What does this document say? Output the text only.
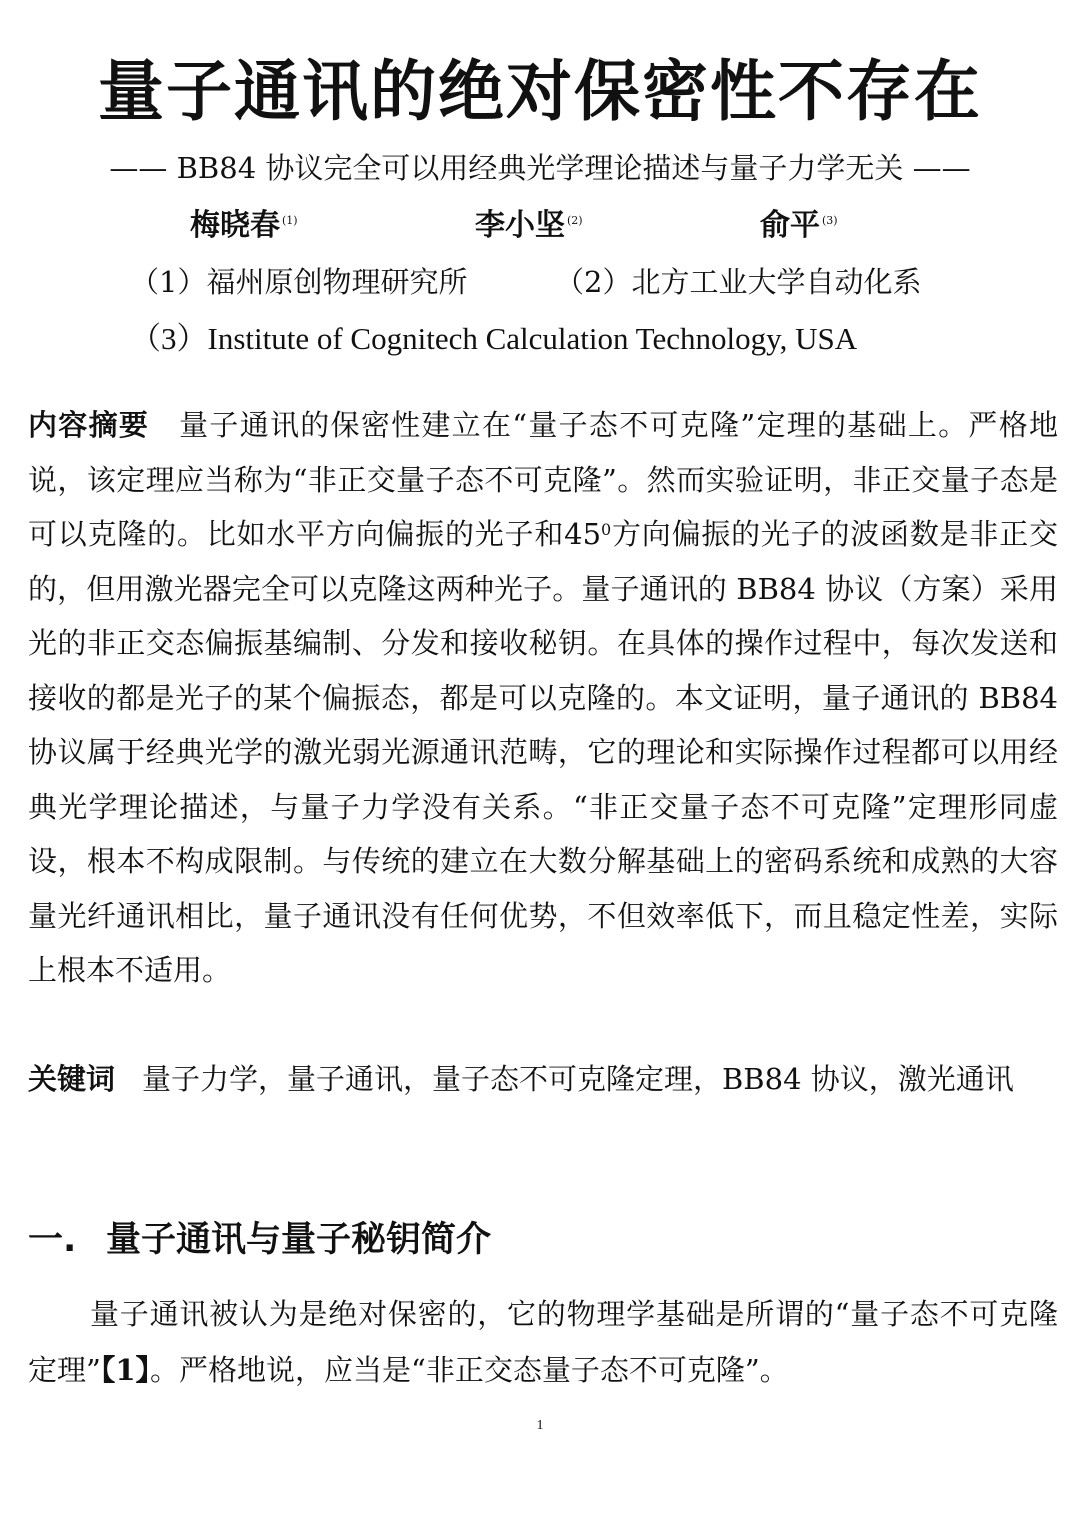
量子通讯的绝对保密性不存在
—— BB84 协议完全可以用经典光学理论描述与量子力学无关 ——
梅晓春 $^{(1)}$	李小坚 $^{(2)}$	俞平 $^{(3)}$
（1）福州原创物理研究所	（2）北方工业大学自动化系
（3）Institute of Cognitech Calculation Technology, USA
内容摘要 量子通讯的保密性建立在“量子态不可克隆”定理的基础上。严格地说，该定理应当称为“非正交量子态不可克隆”。然而实验证明，非正交量子态是可以克隆的。比如水平方向偏振的光子和$45^0$方向偏振的光子的波函数是非正交的，但用激光器完全可以克隆这两种光子。量子通讯的 BB84 协议（方案）采用光的非正交态偏振基编制、分发和接收秘钥。在具体的操作过程中，每次发送和接收的都是光子的某个偏振态，都是可以克隆的。本文证明，量子通讯的 BB84 协议属于经典光学的激光弱光源通讯范畴，它的理论和实际操作过程都可以用经典光学理论描述，与量子力学没有关系。“非正交量子态不可克隆”定理形同虚设，根本不构成限制。与传统的建立在大数分解基础上的密码系统和成熟的大容量光纤通讯相比，量子通讯没有任何优势，不但效率低下，而且稳定性差，实际上根本不适用。
关键词 量子力学，量子通讯，量子态不可克隆定理，BB84 协议，激光通讯
一. 量子通讯与量子秘钥简介
量子通讯被认为是绝对保密的，它的物理学基础是所谓的“量子态不可克隆定理”【1】。严格地说，应当是“非正交态量子态不可克隆”。
1
